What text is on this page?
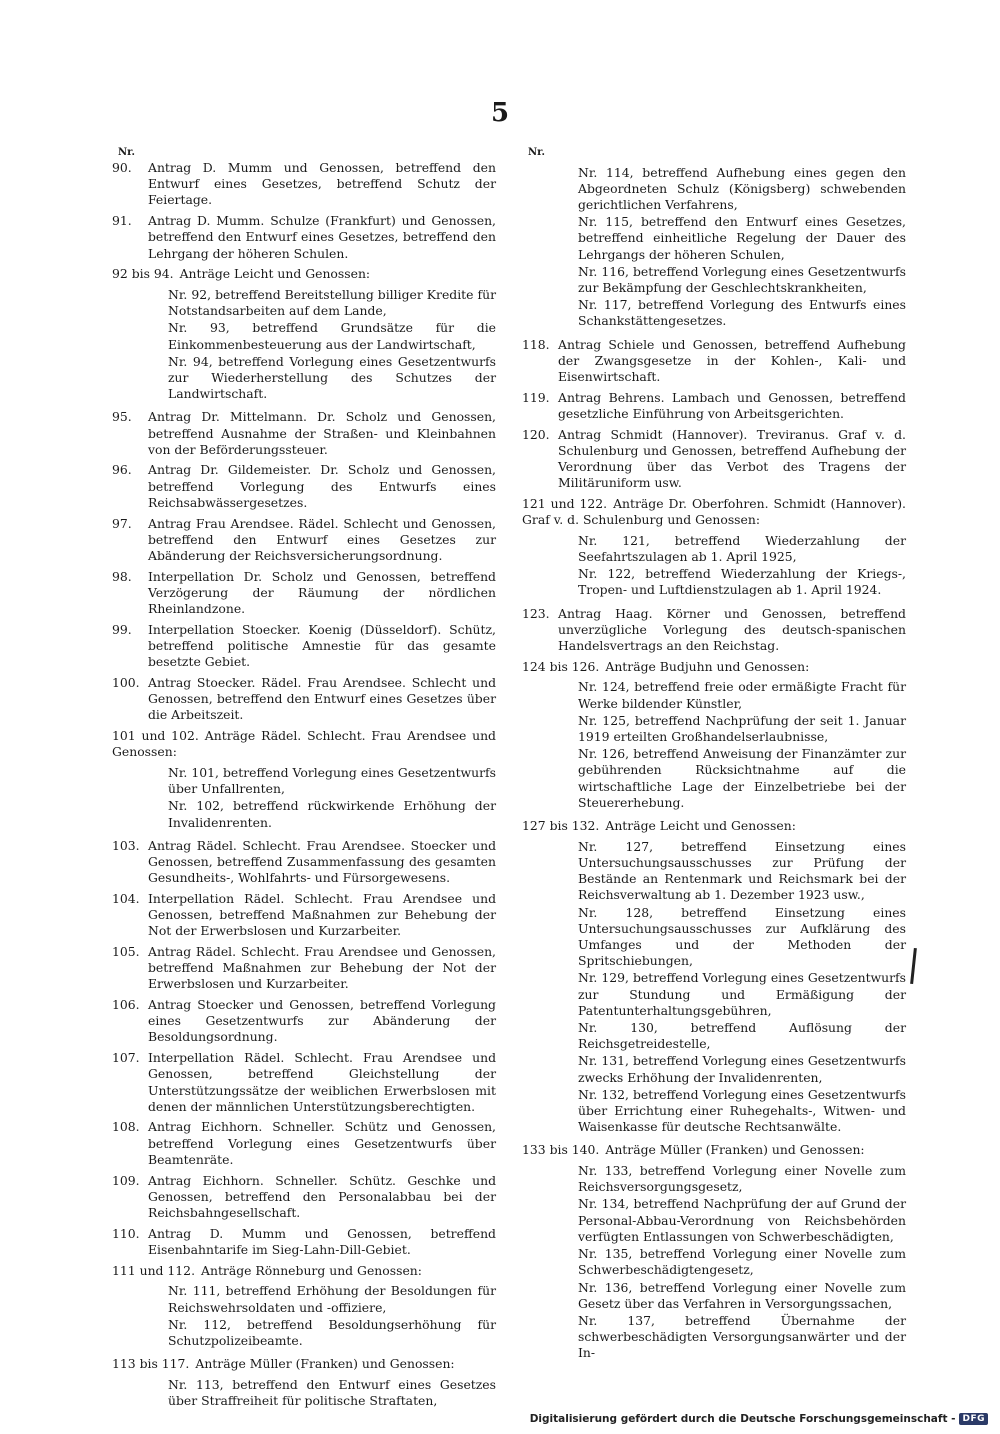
5
Nr.
90.	Antrag D. Mumm und Genossen, betreffend den Entwurf eines Gesetzes, betreffend Schutz der Feiertage.
91.	Antrag D. Mumm. Schulze (Frankfurt) und Genossen, betreffend den Entwurf eines Gesetzes, betreffend den Lehrgang der höheren Schulen.
92 bis 94. Anträge Leicht und Genossen:
Nr. 92, betreffend Bereitstellung billiger Kredite für Notstandsarbeiten auf dem Lande,
Nr. 93, betreffend Grundsätze für die Einkommenbesteuerung aus der Landwirtschaft,
Nr. 94, betreffend Vorlegung eines Gesetzentwurfs zur Wiederherstellung des Schutzes der Landwirtschaft.
95.	Antrag Dr. Mittelmann. Dr. Scholz und Genossen, betreffend Ausnahme der Straßen- und Kleinbahnen von der Beförderungssteuer.
96.	Antrag Dr. Gildemeister. Dr. Scholz und Genossen, betreffend Vorlegung des Entwurfs eines Reichsabwässergesetzes.
97.	Antrag Frau Arendsee. Rädel. Schlecht und Genossen, betreffend den Entwurf eines Gesetzes zur Abänderung der Reichsversicherungsordnung.
98.	Interpellation Dr. Scholz und Genossen, betreffend Verzögerung der Räumung der nördlichen Rheinlandzone.
99.	Interpellation Stoecker. Koenig (Düsseldorf). Schütz, betreffend politische Amnestie für das gesamte besetzte Gebiet.
100. Antrag Stoecker. Rädel. Frau Arendsee. Schlecht und Genossen, betreffend den Entwurf eines Gesetzes über die Arbeitszeit.
101 und 102. Anträge Rädel. Schlecht. Frau Arendsee und Genossen:
Nr. 101, betreffend Vorlegung eines Gesetzentwurfs über Unfallrenten,
Nr. 102, betreffend rückwirkende Erhöhung der Invalidenrenten.
103. Antrag Rädel. Schlecht. Frau Arendsee. Stoecker und Genossen, betreffend Zusammenfassung des gesamten Gesundheits-, Wohlfahrts- und Fürsorgewesens.
104. Interpellation Rädel. Schlecht. Frau Arendsee und Genossen, betreffend Maßnahmen zur Behebung der Not der Erwerbslosen und Kurzarbeiter.
105. Antrag Rädel. Schlecht. Frau Arendsee und Genossen, betreffend Maßnahmen zur Behebung der Not der Erwerbslosen und Kurzarbeiter.
106. Antrag Stoecker und Genossen, betreffend Vorlegung eines Gesetzentwurfs zur Abänderung der Besoldungsordnung.
107. Interpellation Rädel. Schlecht. Frau Arendsee und Genossen, betreffend Gleichstellung der Unterstützungssätze der weiblichen Erwerbslosen mit denen der männlichen Unterstützungsberechtigten.
108. Antrag Eichhorn. Schneller. Schütz und Genossen, betreffend Vorlegung eines Gesetzentwurfs über Beamtenräte.
109. Antrag Eichhorn. Schneller. Schütz. Geschke und Genossen, betreffend den Personalabbau bei der Reichsbahngesellschaft.
110. Antrag D. Mumm und Genossen, betreffend Eisenbahntarife im Sieg-Lahn-Dill-Gebiet.
111 und 112. Anträge Rönneburg und Genossen:
Nr. 111, betreffend Erhöhung der Besoldungen für Reichswehrsoldaten und -offiziere,
Nr. 112, betreffend Besoldungserhöhung für Schutzpolizeibeamte.
113 bis 117. Anträge Müller (Franken) und Genossen:
Nr. 113, betreffend den Entwurf eines Gesetzes über Straffreiheit für politische Straftaten,
Nr.
Nr. 114, betreffend Aufhebung eines gegen den Abgeordneten Schulz (Königsberg) schwebenden gerichtlichen Verfahrens,
Nr. 115, betreffend den Entwurf eines Gesetzes, betreffend einheitliche Regelung der Dauer des Lehrgangs der höheren Schulen,
Nr. 116, betreffend Vorlegung eines Gesetzentwurfs zur Bekämpfung der Geschlechtskrankheiten,
Nr. 117, betreffend Vorlegung des Entwurfs eines Schankstättengesetzes.
118. Antrag Schiele und Genossen, betreffend Aufhebung der Zwangsgesetze in der Kohlen-, Kali- und Eisenwirtschaft.
119. Antrag Behrens. Lambach und Genossen, betreffend gesetzliche Einführung von Arbeitsgerichten.
120. Antrag Schmidt (Hannover). Treviranus. Graf v. d. Schulenburg und Genossen, betreffend Aufhebung der Verordnung über das Verbot des Tragens der Militäruniform usw.
121 und 122. Anträge Dr. Oberfohren. Schmidt (Hannover). Graf v. d. Schulenburg und Genossen:
Nr. 121, betreffend Wiederzahlung der Seefahrtszulagen ab 1. April 1925,
Nr. 122, betreffend Wiederzahlung der Kriegs-, Tropen- und Luftdienstzulagen ab 1. April 1924.
123. Antrag Haag. Körner und Genossen, betreffend unverzügliche Vorlegung des deutsch-spanischen Handelsvertrags an den Reichstag.
124 bis 126. Anträge Budjuhn und Genossen:
Nr. 124, betreffend freie oder ermäßigte Fracht für Werke bildender Künstler,
Nr. 125, betreffend Nachprüfung der seit 1. Januar 1919 erteilten Großhandelserlaubnisse,
Nr. 126, betreffend Anweisung der Finanzämter zur gebührenden Rücksichtnahme auf die wirtschaftliche Lage der Einzelbetriebe bei der Steuererhebung.
127 bis 132. Anträge Leicht und Genossen:
Nr. 127, betreffend Einsetzung eines Untersuchungsausschusses zur Prüfung der Bestände an Rentenmark und Reichsmark bei der Reichsverwaltung ab 1. Dezember 1923 usw.,
Nr. 128, betreffend Einsetzung eines Untersuchungsausschusses zur Aufklärung des Umfanges und der Methoden der Spritschiebungen,
Nr. 129, betreffend Vorlegung eines Gesetzentwurfs zur Stundung und Ermäßigung der Patentunterhaltungsgebühren,
Nr. 130, betreffend Auflösung der Reichsgetreidestelle,
Nr. 131, betreffend Vorlegung eines Gesetzentwurfs zwecks Erhöhung der Invalidenrenten,
Nr. 132, betreffend Vorlegung eines Gesetzentwurfs über Errichtung einer Ruhegehalts-, Witwen- und Waisenkasse für deutsche Rechtsanwälte.
133 bis 140. Anträge Müller (Franken) und Genossen:
Nr. 133, betreffend Vorlegung einer Novelle zum Reichsversorgungsgesetz,
Nr. 134, betreffend Nachprüfung der auf Grund der Personal-Abbau-Verordnung von Reichsbehörden verfügten Entlassungen von Schwerbeschädigten,
Nr. 135, betreffend Vorlegung einer Novelle zum Schwerbeschädigtengesetz,
Nr. 136, betreffend Vorlegung einer Novelle zum Gesetz über das Verfahren in Versorgungssachen,
Nr. 137, betreffend Übernahme der schwerbeschädigten Versorgungsanwärter und der In-
Digitalisierung gefördert durch die Deutsche Forschungsgemeinschaft - DFG
